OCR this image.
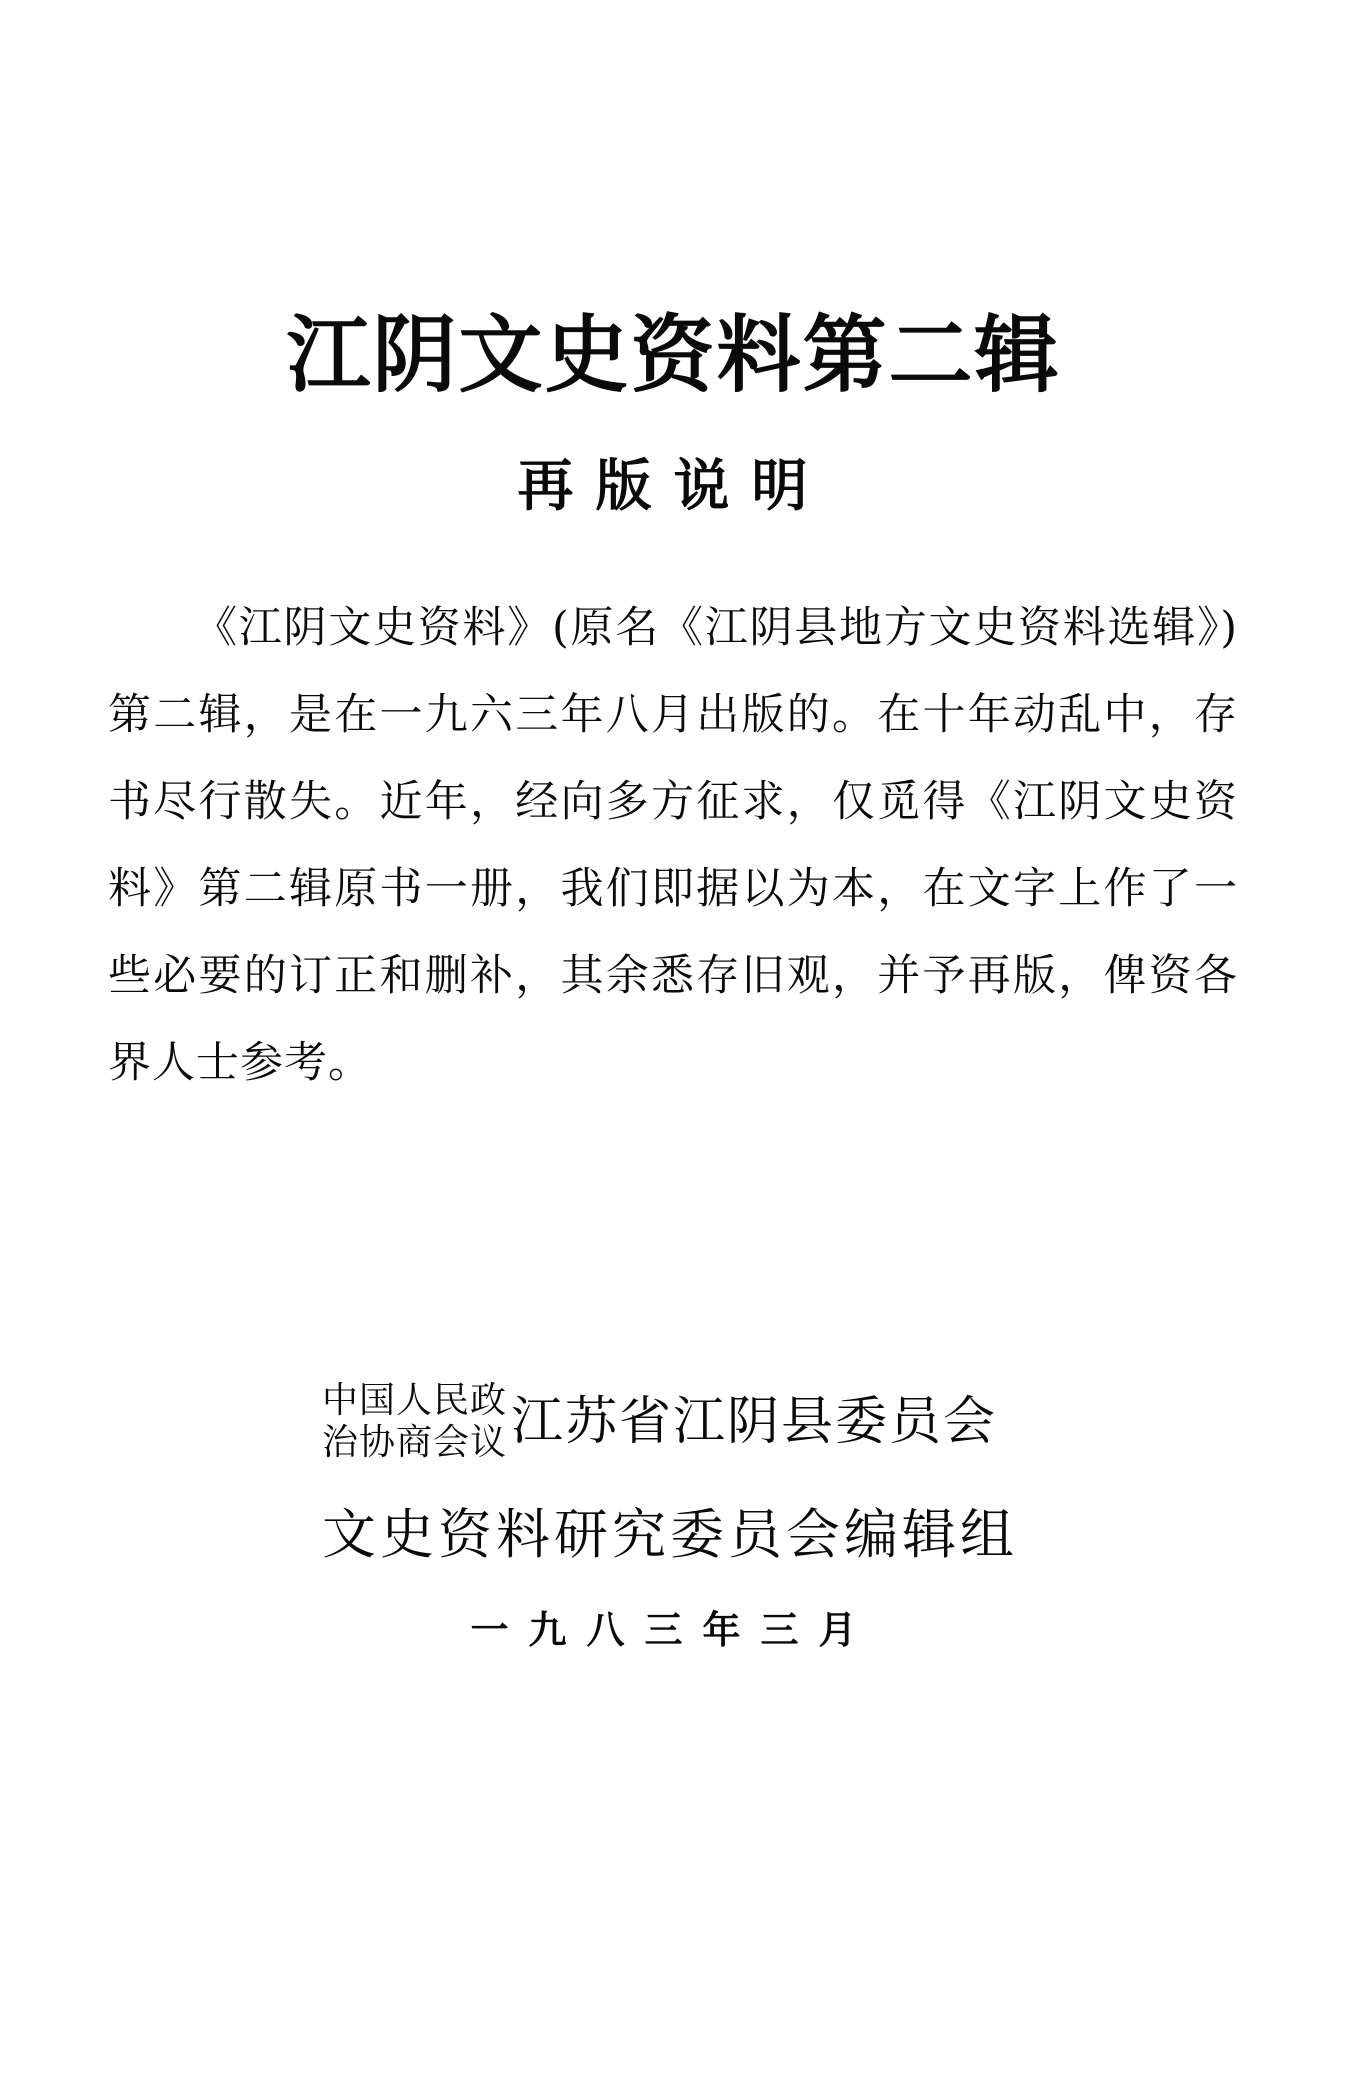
江阴文史资料第二辑
再版说明

《江阴文史资料》(原名《江阴县地方文史资料选辑》)第二辑，是在一九六三年八月出版的。在十年动乱中，存书尽行散失。近年，经向多方征求，仅觅得《江阴文史资料》第二辑原书一册，我们即据以为本，在文字上作了一些必要的订正和删补，其余悉存旧观，并予再版，俾资各界人士参考。

中国人民政
治协商会议 江苏省江阴县委员会
文史资料研究委员会编辑组
一九八三年三月
